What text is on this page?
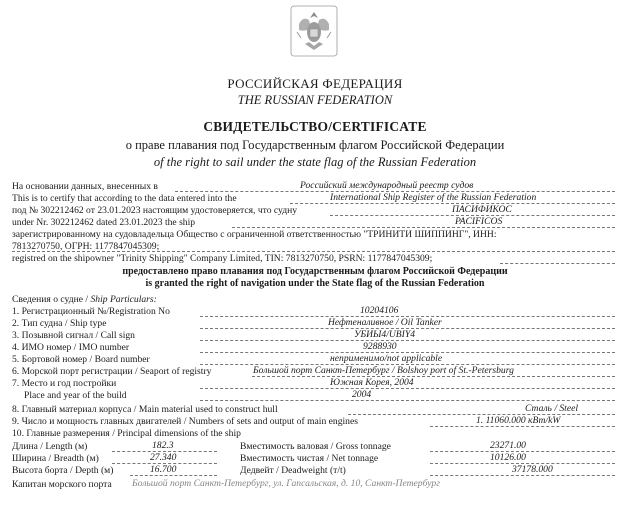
РОССИЙСКАЯ ФЕДЕРАЦИЯ
THE RUSSIAN FEDERATION
СВИДЕТЕЛЬСТВО/CERTIFICATE
о праве плавания под Государственным флагом Российской Федерации
of the right to sail under the state flag of the Russian Federation
На основании данных, внесенных в	Российский международный реестр судов
This is to certify that according to the data entered into the	International Ship Register of the Russian Federation
под № 302212462 от 23.01.2023 настоящим удостоверяется, что судну	ПАСИФИКОС
under Nr. 302212462 dated 23.01.2023 the ship	PACIFICOS
зарегистрированному на судовладельца Общество с ограниченной ответственностью "ТРИНИТИ ШИППИНГ", ИНН:
7813270750, ОГРН: 1177847045309;
registred on the shipowner "Trinity Shipping" Company Limited, TIN: 7813270750, PSRN: 1177847045309;
предоставлено право плавания под Государственным флагом Российской Федерации
is granted the right of navigation under the State flag of the Russian Federation
Сведения о судне / Ship Particulars:
1. Регистрационный №/Registration No	10204106
2. Тип судна / Ship type	Нефтеналивное / Oil Tanker
3. Позывной сигнал / Call sign	УБИЫ4/UBIY4
4. ИМО номер / IMO number	9288930
5. Бортовой номер / Board number	неприменимо/not applicable
6. Морской порт регистрации / Seaport of registry	Большой порт Санкт-Петербург / Bolshoy port of St.-Petersburg
7. Место и год постройки	Южная Корея, 2004
Place and year of the build	2004
8. Главный материал корпуса / Main material used to construct hull	Сталь / Steel
9. Число и мощность главных двигателей / Numbers of sets and output of main engines	1. 11060.000 кВт/kW
10. Главные размерения / Principal dimensions of the ship
Длина / Length (м)	182.3	Вместимость валовая / Gross tonnage	23271.00
Ширина / Breadth (м)	27.340	Вместимость чистая / Net tonnage	10126.00
Высота борта / Depth (м)	16.700	Дедвейт / Deadweight (т/t)	37178.000
Капитан морского порта Большой порт Санкт-Петербург, ул. Гапсальская, д. 10, Санкт-Петербург
